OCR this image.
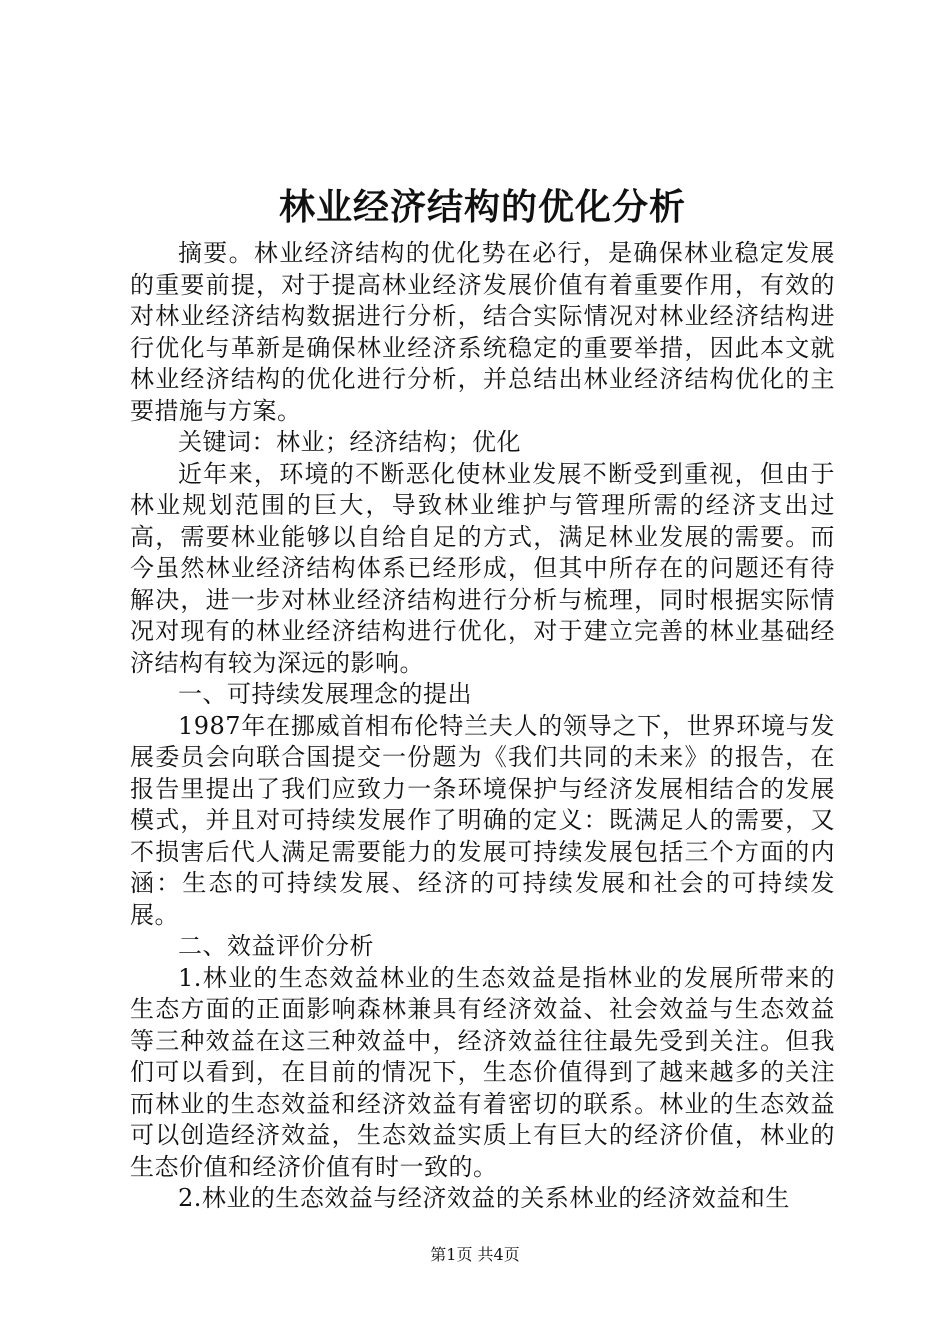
林业经济结构的优化分析

摘要。林业经济结构的优化势在必行，是确保林业稳定发展的重要前提，对于提高林业经济发展价值有着重要作用，有效的对林业经济结构数据进行分析，结合实际情况对林业经济结构进行优化与革新是确保林业经济系统稳定的重要举措，因此本文就林业经济结构的优化进行分析，并总结出林业经济结构优化的主要措施与方案。

关键词：林业；经济结构；优化

近年来，环境的不断恶化使林业发展不断受到重视，但由于林业规划范围的巨大，导致林业维护与管理所需的经济支出过高，需要林业能够以自给自足的方式，满足林业发展的需要。而今虽然林业经济结构体系已经形成，但其中所存在的问题还有待解决，进一步对林业经济结构进行分析与梳理，同时根据实际情况对现有的林业经济结构进行优化，对于建立完善的林业基础经济结构有较为深远的影响。

一、可持续发展理念的提出

1987年在挪威首相布伦特兰夫人的领导之下，世界环境与发展委员会向联合国提交一份题为《我们共同的未来》的报告，在报告里提出了我们应致力一条环境保护与经济发展相结合的发展模式，并且对可持续发展作了明确的定义：既满足人的需要，又不损害后代人满足需要能力的发展可持续发展包括三个方面的内涵：生态的可持续发展、经济的可持续发展和社会的可持续发展。

二、效益评价分析

1.林业的生态效益林业的生态效益是指林业的发展所带来的生态方面的正面影响森林兼具有经济效益、社会效益与生态效益等三种效益在这三种效益中，经济效益往往最先受到关注。但我们可以看到，在目前的情况下，生态价值得到了越来越多的关注而林业的生态效益和经济效益有着密切的联系。林业的生态效益可以创造经济效益，生态效益实质上有巨大的经济价值，林业的生态价值和经济价值有时一致的。

2.林业的生态效益与经济效益的关系林业的经济效益和生

第1页 共4页
